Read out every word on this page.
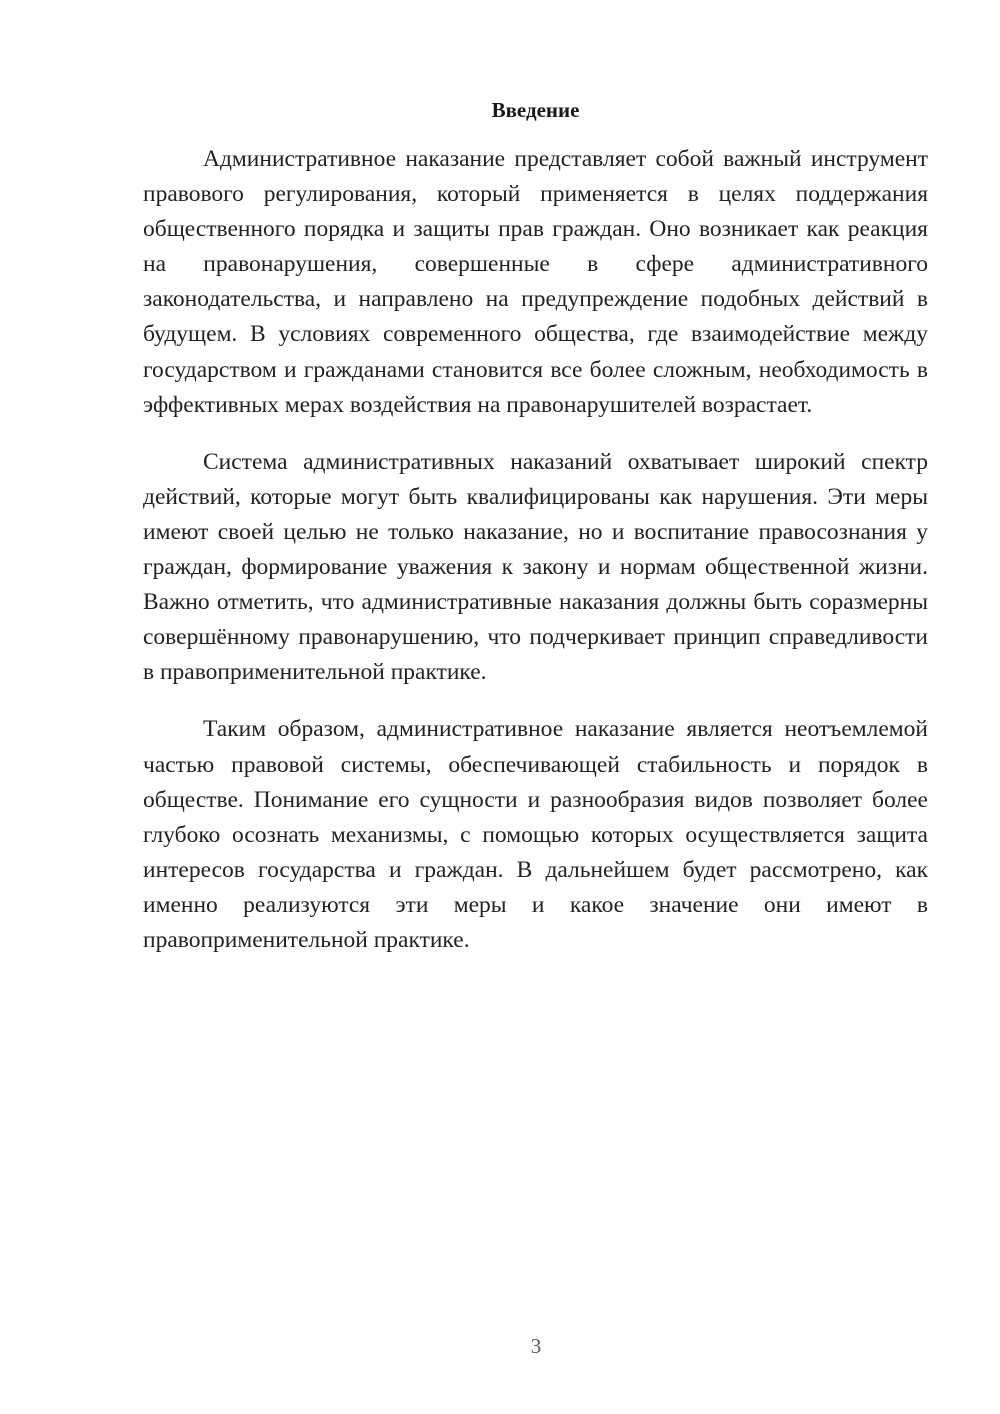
Введение

Административное наказание представляет собой важный инструмент правового регулирования, который применяется в целях поддержания общественного порядка и защиты прав граждан. Оно возникает как реакция на правонарушения, совершенные в сфере административного законодательства, и направлено на предупреждение подобных действий в будущем. В условиях современного общества, где взаимодействие между государством и гражданами становится все более сложным, необходимость в эффективных мерах воздействия на правонарушителей возрастает.

Система административных наказаний охватывает широкий спектр действий, которые могут быть квалифицированы как нарушения. Эти меры имеют своей целью не только наказание, но и воспитание правосознания у граждан, формирование уважения к закону и нормам общественной жизни. Важно отметить, что административные наказания должны быть соразмерны совершённому правонарушению, что подчеркивает принцип справедливости в правоприменительной практике.

Таким образом, административное наказание является неотъемлемой частью правовой системы, обеспечивающей стабильность и порядок в обществе. Понимание его сущности и разнообразия видов позволяет более глубоко осознать механизмы, с помощью которых осуществляется защита интересов государства и граждан. В дальнейшем будет рассмотрено, как именно реализуются эти меры и какое значение они имеют в правоприменительной практике.

3
